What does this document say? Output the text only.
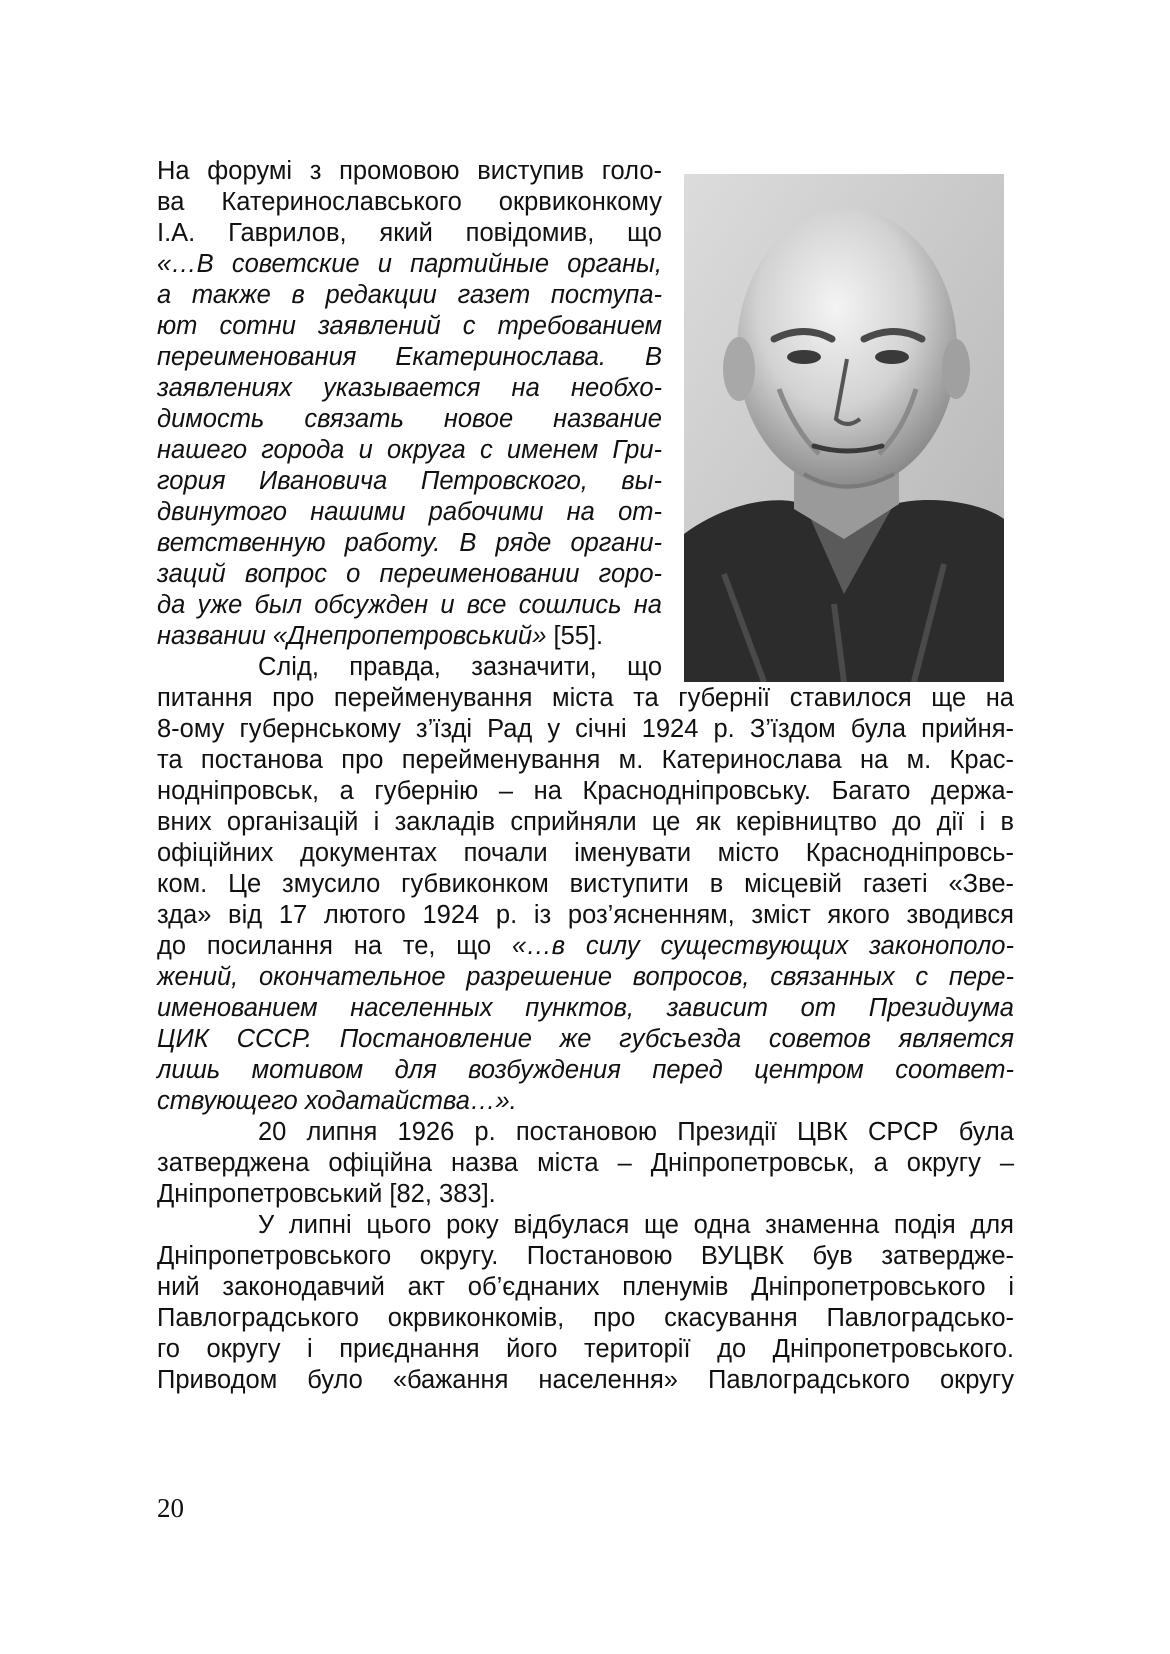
На форумі з промовою виступив голо-
ва Катеринославського окрвиконкому
І.А. Гаврилов, який повідомив, що
«…В советские и партийные органы,
а также в редакции газет поступа-
ют сотни заявлений с требованием
переименования Екатеринослава. В
заявлениях указывается на необхо-
димость связать новое название
нашего города и округа с именем Гри-
гория Ивановича Петровского, вы-
двинутого нашими рабочими на от-
ветственную работу. В ряде органи-
заций вопрос о переименовании горо-
да уже был обсужден и все сошлись на
названии «Днепропетровський» [55].
Слід, правда, зазначити, що
питання про перейменування міста та губернії ставилося ще на
8-ому губернському з’їзді Рад у січні 1924 р. З’їздом була прийня-
та постанова про перейменування м. Катеринослава на м. Крас-
нодніпровськ, а губернію – на Краснодніпровську. Багато держа-
вних організацій і закладів сприйняли це як керівництво до дії і в
офіційних документах почали іменувати місто Краснодніпровсь-
ком. Це змусило губвиконком виступити в місцевій газеті «Зве-
зда» від 17 лютого 1924 р. із роз’ясненням, зміст якого зводився
до посилання на те, що «…в силу существующих законополо-
жений, окончательное разрешение вопросов, связанных с пере-
именованием населенных пунктов, зависит от Президиума
ЦИК СССР. Постановление же губсъезда советов является
лишь мотивом для возбуждения перед центром соответ-
ствующего ходатайства…».
20 липня 1926 р. постановою Президії ЦВК СРСР була
затверджена офіційна назва міста – Дніпропетровськ, а округу –
Дніпропетровський [82, 383].
У липні цього року відбулася ще одна знаменна подія для
Дніпропетровського округу. Постановою ВУЦВК був затвердже-
ний законодавчий акт об’єднаних пленумів Дніпропетровського і
Павлоградського окрвиконкомів, про скасування Павлоградсько-
го округу і приєднання його території до Дніпропетровського.
Приводом було «бажання населення» Павлоградського округу
20
